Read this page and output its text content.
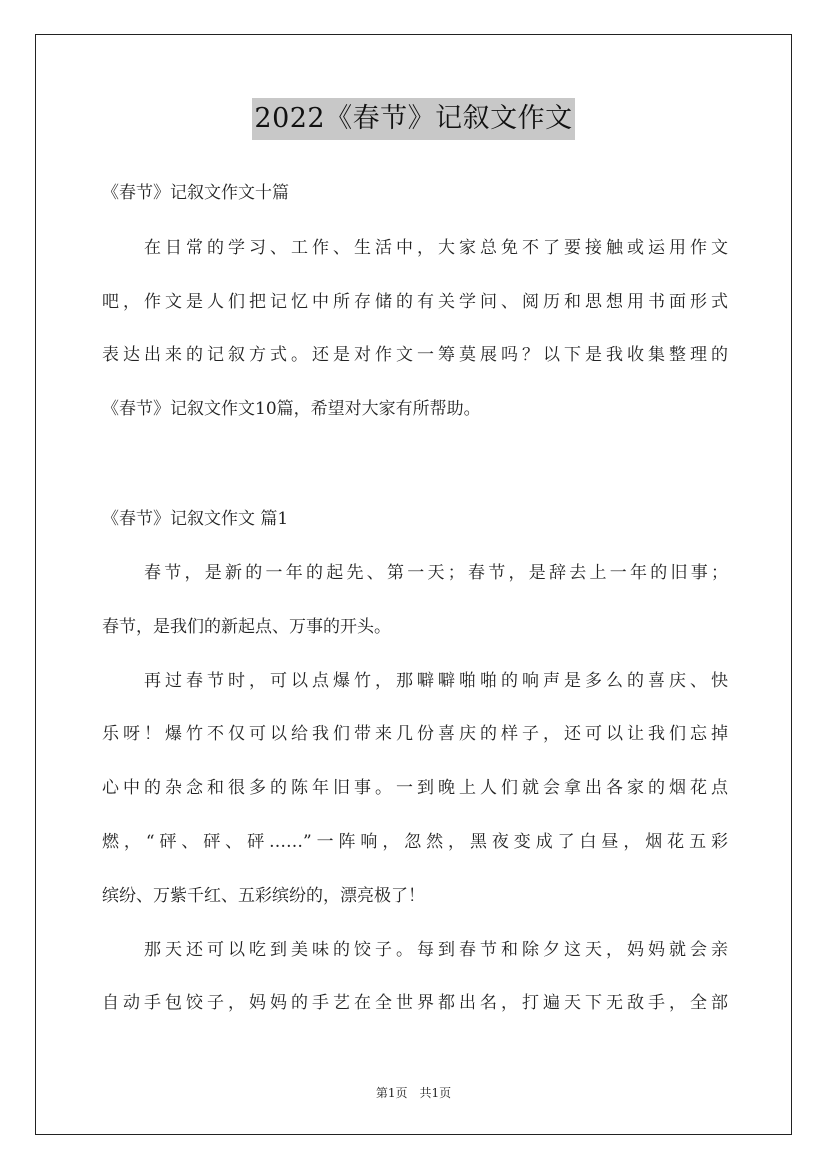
2022《春节》记叙文作文
《春节》记叙文作文十篇
在日常的学习、工作、生活中，大家总免不了要接触或运用作文
吧，作文是人们把记忆中所存储的有关学问、阅历和思想用书面形式
表达出来的记叙方式。还是对作文一筹莫展吗？以下是我收集整理的
《春节》记叙文作文10篇，希望对大家有所帮助。
《春节》记叙文作文 篇1
春节，是新的一年的起先、第一天；春节，是辞去上一年的旧事；
春节，是我们的新起点、万事的开头。
再过春节时，可以点爆竹，那噼噼啪啪的响声是多么的喜庆、快
乐呀！爆竹不仅可以给我们带来几份喜庆的样子，还可以让我们忘掉
心中的杂念和很多的陈年旧事。一到晚上人们就会拿出各家的烟花点
燃，“砰、砰、砰……”一阵响，忽然，黑夜变成了白昼，烟花五彩
缤纷、万紫千红、五彩缤纷的，漂亮极了！
那天还可以吃到美味的饺子。每到春节和除夕这天，妈妈就会亲
自动手包饺子，妈妈的手艺在全世界都出名，打遍天下无敌手，全部
第1页　共1页
